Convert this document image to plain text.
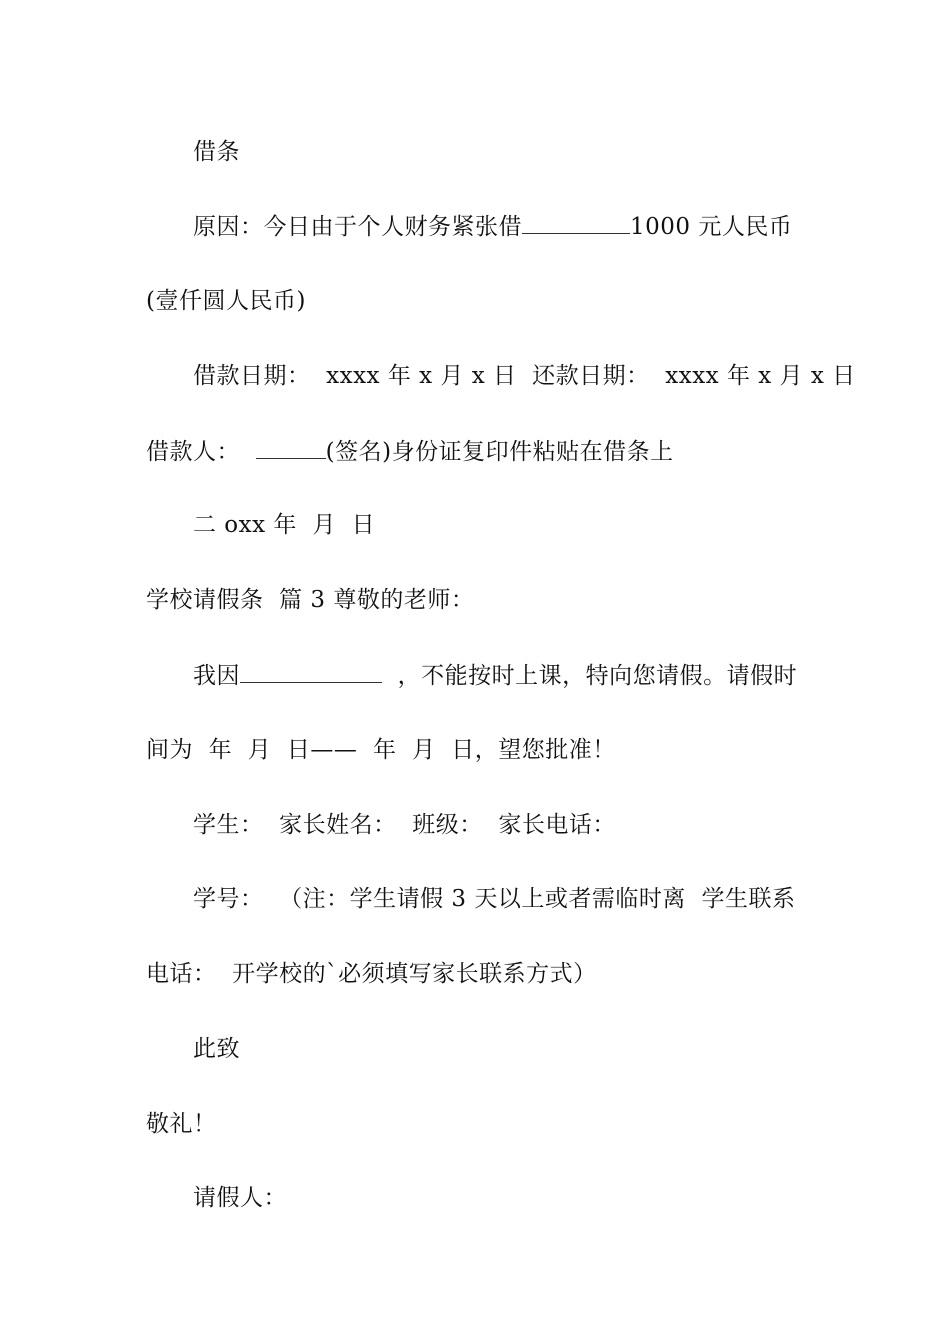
借条
原因：今日由于个人财务紧张借	1000 元人民币
(壹仟圆人民币)
借款日期：  xxxx 年 x 月 x 日  还款日期：  xxxx 年 x 月 x 日
借款人：	(签名)身份证复印件粘贴在借条上
二 oxx 年  月  日
学校请假条  篇 3 尊敬的老师：
我因	，不能按时上课，特向您请假。请假时
间为  年  月  日——  年  月  日，望您批准！
学生：  家长姓名：  班级：  家长电话：
学号：  （注：学生请假 3 天以上或者需临时离  学生联系
电话：  开学校的`必须填写家长联系方式）
此致
敬礼！
请假人：
